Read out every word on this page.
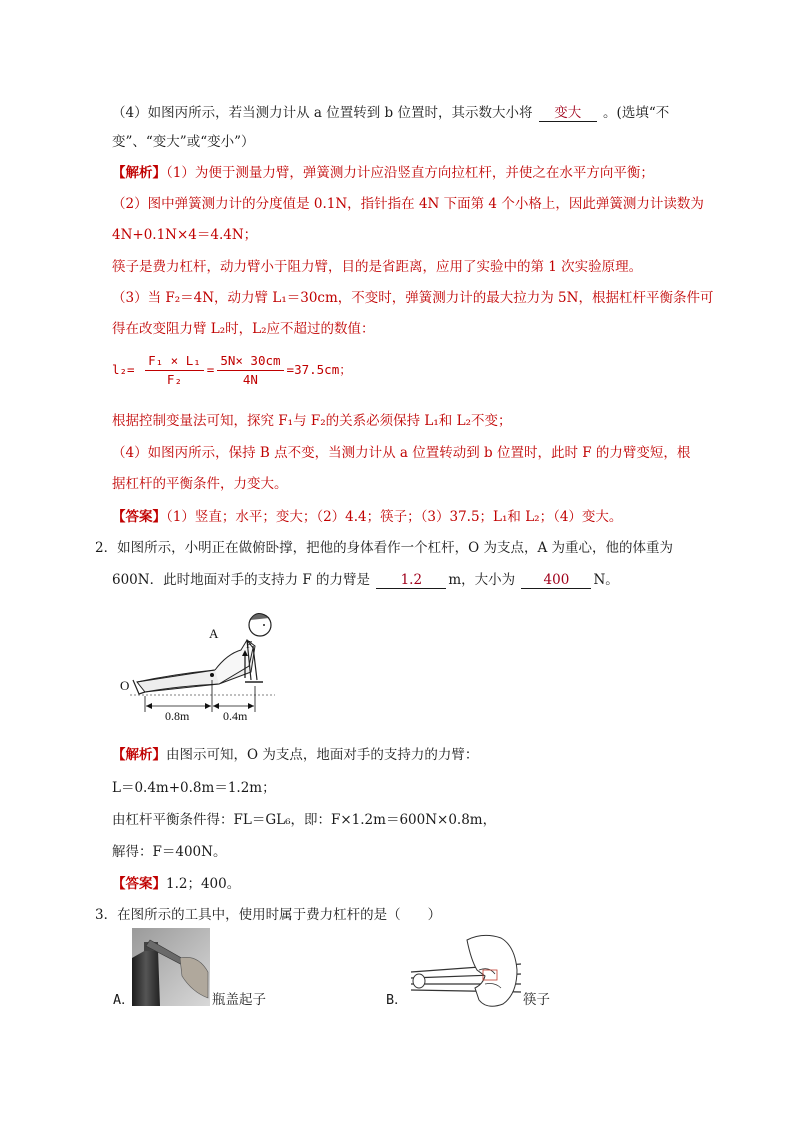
（4）如图丙所示，若当测力计从 a 位置转到 b 位置时，其示数大小将 变大 。(选填“不
变”、“变大”或“变小”）
【解析】（1）为便于测量力臂，弹簧测力计应沿竖直方向拉杠杆，并使之在水平方向平衡；
（2）图中弹簧测力计的分度值是 0.1N，指针指在 4N 下面第 4 个小格上，因此弹簧测力计读数为
4N+0.1N×4＝4.4N；
筷子是费力杠杆，动力臂小于阻力臂，目的是省距离，应用了实验中的第 1 次实验原理。
（3）当 F₂＝4N，动力臂 L₁＝30cm，不变时，弹簧测力计的最大拉力为 5N，根据杠杆平衡条件可
得在改变阻力臂 L₂时，L₂应不超过的数值：
$l_2= \frac{\text{F₁ × L₁}}{\text{F₂}} = \frac{5N\times 30cm}{4N} =37.5cm$；
根据控制变量法可知，探究 F₁与 F₂的关系必须保持 L₁和 L₂不变；
（4）如图丙所示，保持 B 点不变，当测力计从 a 位置转动到 b 位置时，此时 F 的力臂变短，根
据杠杆的平衡条件，力变大。
【答案】（1）竖直；水平；变大；（2）4.4；筷子；（3）37.5；L₁和 L₂；（4）变大。
2．如图所示，小明正在做俯卧撑，把他的身体看作一个杠杆，O 为支点，A 为重心，他的体重为
600N．此时地面对手的支持力 F 的力臂是 1.2 m，大小为 400 N。
A
F
O
0.8m	0.4m
【解析】由图示可知，O 为支点，地面对手的支持力的力臂：
L＝0.4m+0.8m＝1.2m；
由杠杆平衡条件得：FL＝GL₆，即：F×1.2m＝600N×0.8m，
解得：F＝400N。
【答案】1.2；400。
3．在图所示的工具中，使用时属于费力杠杆的是（　　）
A．	瓶盖起子	B．	筷子
